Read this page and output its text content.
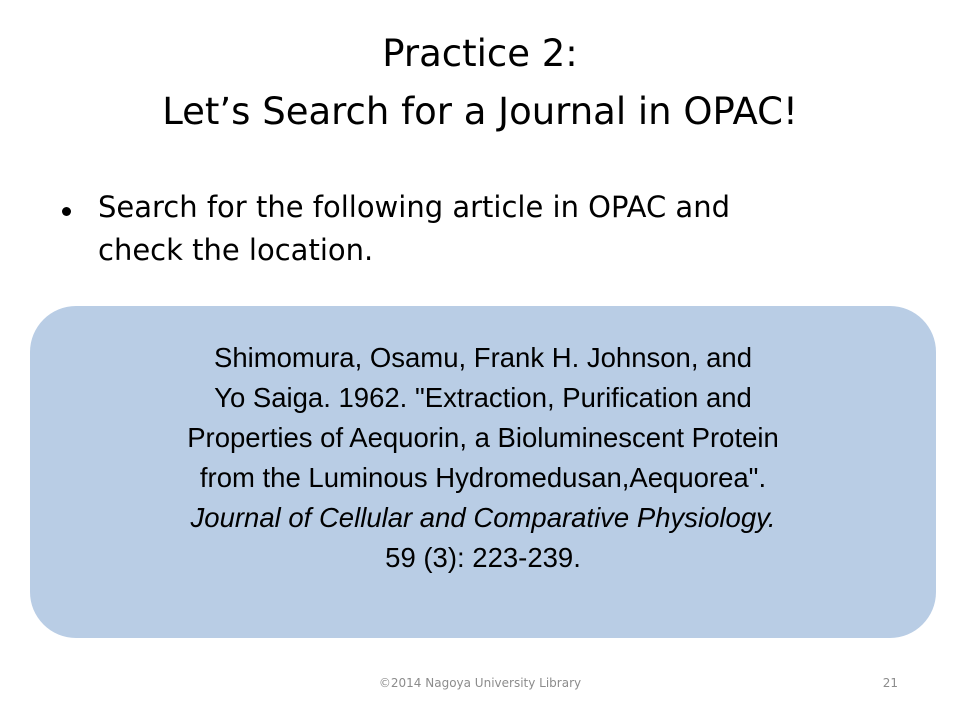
Practice 2:
Let’s Search for a Journal in OPAC!
Search for the following article in OPAC and
check the location.
Shimomura, Osamu, Frank H. Johnson, and
Yo Saiga. 1962. "Extraction, Purification and
Properties of Aequorin, a Bioluminescent Protein
from the Luminous Hydromedusan,Aequorea".
Journal of Cellular and Comparative Physiology.
59 (3): 223-239.
©2014 Nagoya University Library	21
